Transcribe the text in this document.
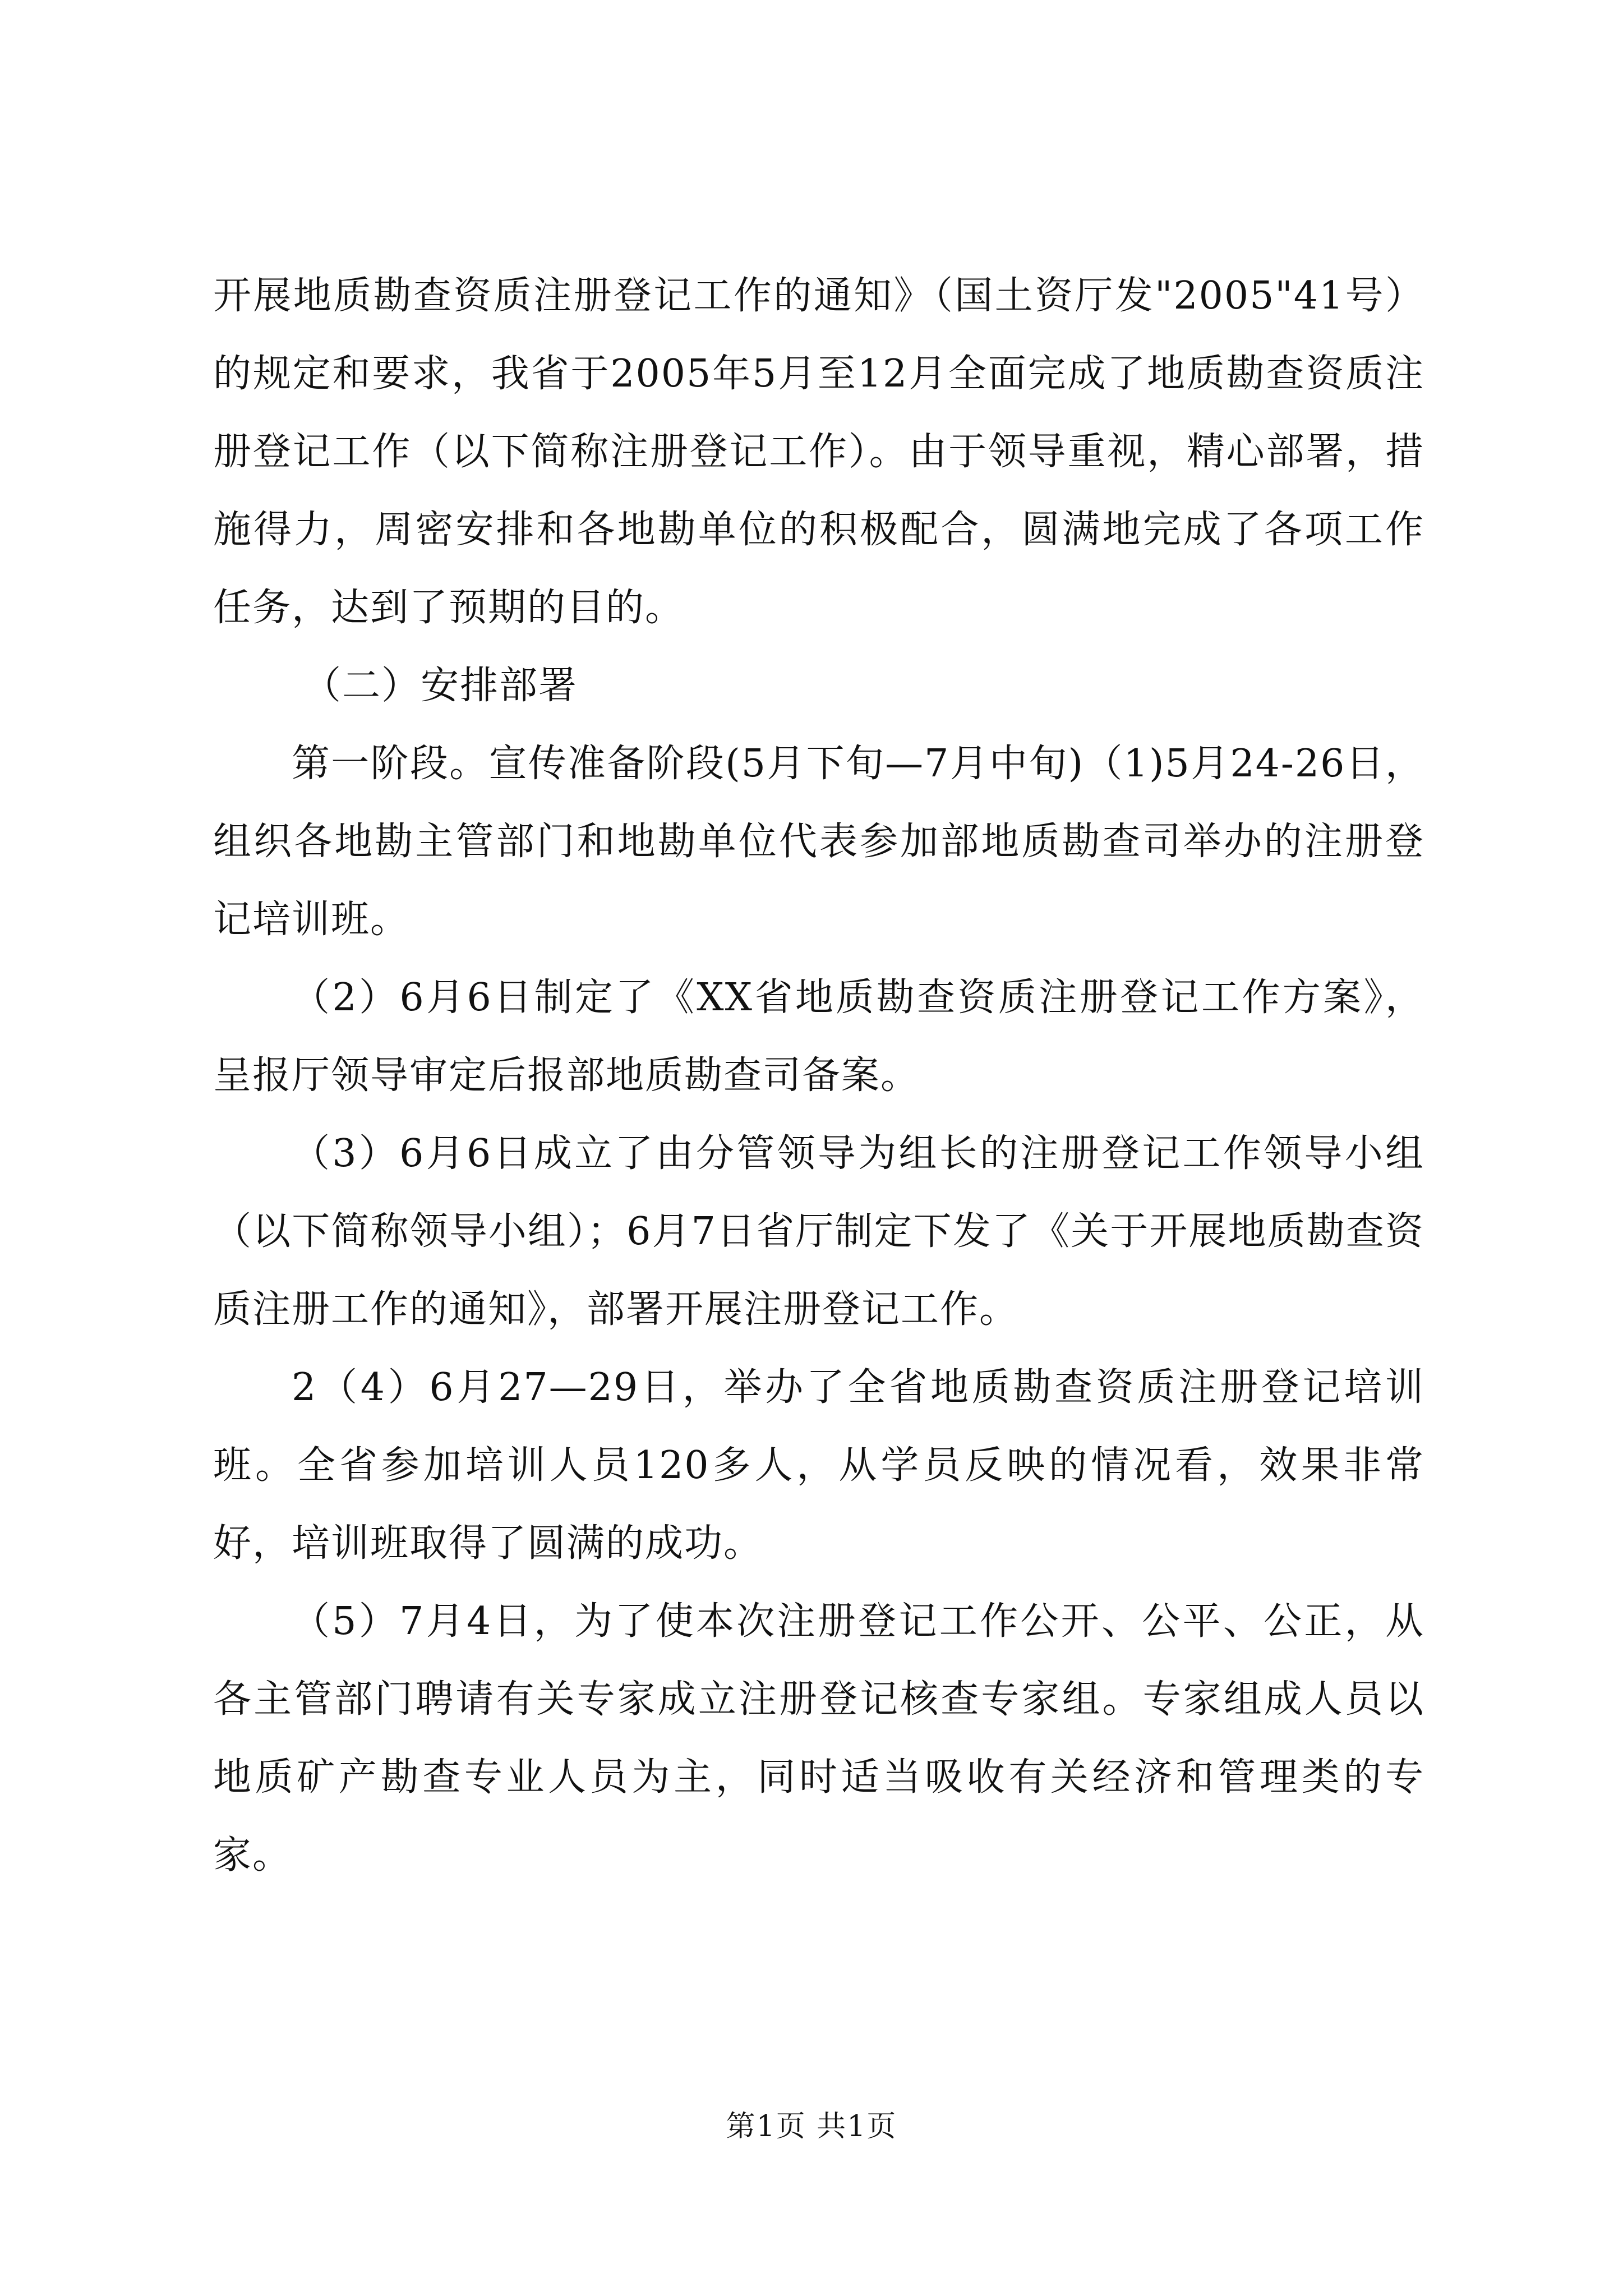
开展地质勘查资质注册登记工作的通知》（国土资厅发"2005"41号）的规定和要求，我省于2005年5月至12月全面完成了地质勘查资质注册登记工作（以下简称注册登记工作）。由于领导重视，精心部署，措施得力，周密安排和各地勘单位的积极配合，圆满地完成了各项工作任务，达到了预期的目的。

（二）安排部署

第一阶段。宣传准备阶段(5月下旬—7月中旬)（1)5月24-26日，组织各地勘主管部门和地勘单位代表参加部地质勘查司举办的注册登记培训班。

（2）6月6日制定了《XX省地质勘查资质注册登记工作方案》，呈报厅领导审定后报部地质勘查司备案。

（3）6月6日成立了由分管领导为组长的注册登记工作领导小组（以下简称领导小组）；6月7日省厅制定下发了《关于开展地质勘查资质注册工作的通知》，部署开展注册登记工作。

2（4）6月27—29日，举办了全省地质勘查资质注册登记培训班。全省参加培训人员120多人，从学员反映的情况看，效果非常好，培训班取得了圆满的成功。

（5）7月4日，为了使本次注册登记工作公开、公平、公正，从各主管部门聘请有关专家成立注册登记核查专家组。专家组成人员以地质矿产勘查专业人员为主，同时适当吸收有关经济和管理类的专家。

第1页 共1页
